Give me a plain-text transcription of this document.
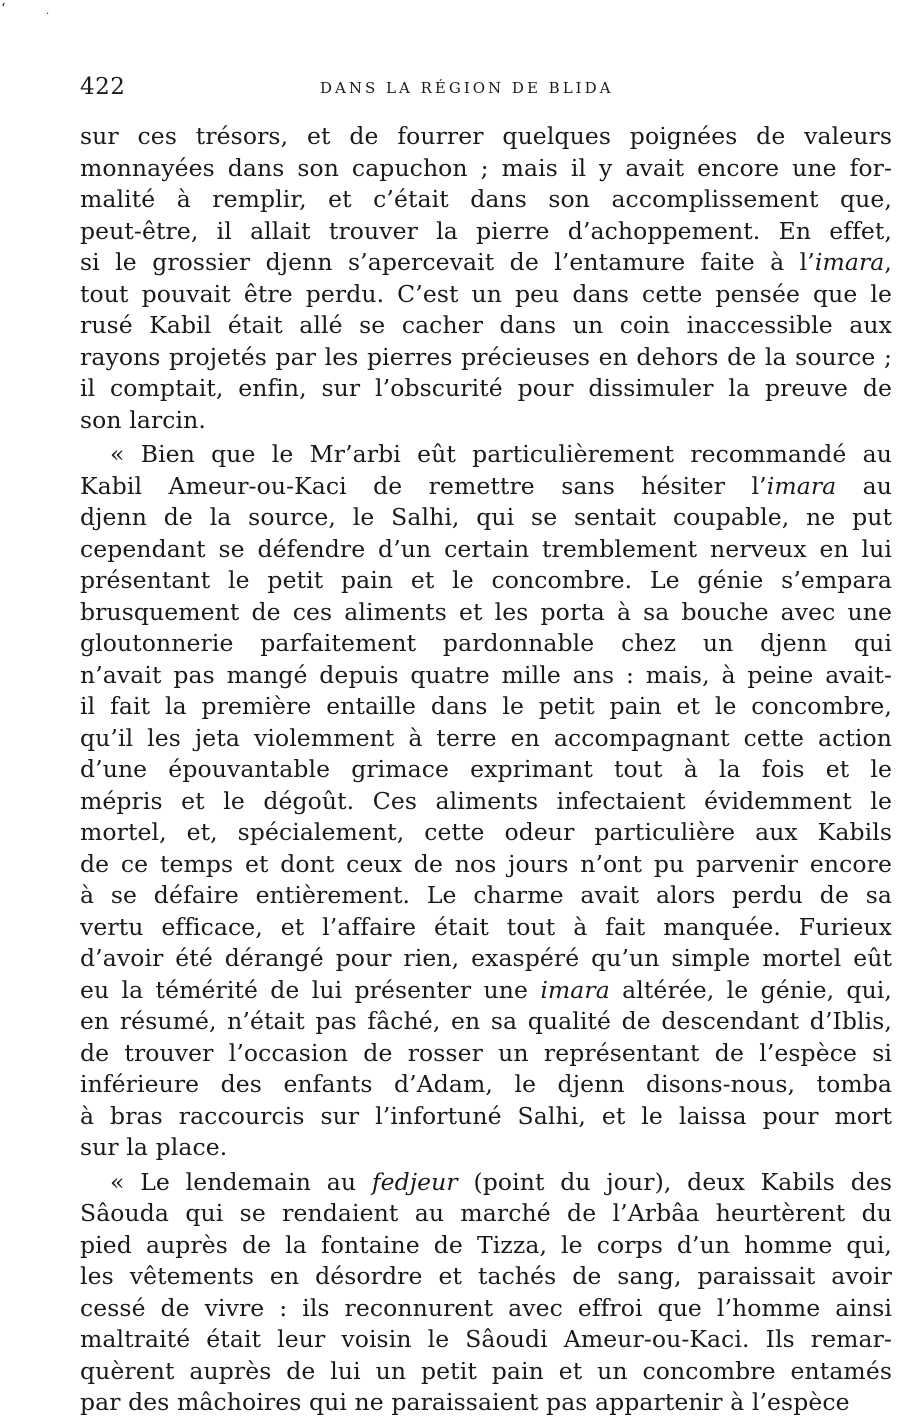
‘	·
422	DANS LA RÉGION DE BLIDA
sur ces trésors, et de fourrer quelques poignées de valeurs
monnayées dans son capuchon ; mais il y avait encore une for-
malité à remplir, et c’était dans son accomplissement que,
peut-être, il allait trouver la pierre d’achoppement. En effet,
si le grossier djenn s’apercevait de l’entamure faite à l’imara,
tout pouvait être perdu. C’est un peu dans cette pensée que le
rusé Kabil était allé se cacher dans un coin inaccessible aux
rayons projetés par les pierres précieuses en dehors de la source ;
il comptait, enfin, sur l’obscurité pour dissimuler la preuve de
son larcin.
« Bien que le Mr’arbi eût particulièrement recommandé au
Kabil Ameur-ou-Kaci de remettre sans hésiter l’imara au
djenn de la source, le Salhi, qui se sentait coupable, ne put
cependant se défendre d’un certain tremblement nerveux en lui
présentant le petit pain et le concombre. Le génie s’empara
brusquement de ces aliments et les porta à sa bouche avec une
gloutonnerie parfaitement pardonnable chez un djenn qui
n’avait pas mangé depuis quatre mille ans : mais, à peine avait-
il fait la première entaille dans le petit pain et le concombre,
qu’il les jeta violemment à terre en accompagnant cette action
d’une épouvantable grimace exprimant tout à la fois et le
mépris et le dégoût. Ces aliments infectaient évidemment le
mortel, et, spécialement, cette odeur particulière aux Kabils
de ce temps et dont ceux de nos jours n’ont pu parvenir encore
à se défaire entièrement. Le charme avait alors perdu de sa
vertu efficace, et l’affaire était tout à fait manquée. Furieux
d’avoir été dérangé pour rien, exaspéré qu’un simple mortel eût
eu la témérité de lui présenter une imara altérée, le génie, qui,
en résumé, n’était pas fâché, en sa qualité de descendant d’Iblis,
de trouver l’occasion de rosser un représentant de l’espèce si
inférieure des enfants d’Adam, le djenn disons-nous, tomba
à bras raccourcis sur l’infortuné Salhi, et le laissa pour mort
sur la place.
« Le lendemain au fedjeur (point du jour), deux Kabils des
Sâouda qui se rendaient au marché de l’Arbâa heurtèrent du
pied auprès de la fontaine de Tizza, le corps d’un homme qui,
les vêtements en désordre et tachés de sang, paraissait avoir
cessé de vivre : ils reconnurent avec effroi que l’homme ainsi
maltraité était leur voisin le Sâoudi Ameur-ou-Kaci. Ils remar-
quèrent auprès de lui un petit pain et un concombre entamés
par des mâchoires qui ne paraissaient pas appartenir à l’espèce
